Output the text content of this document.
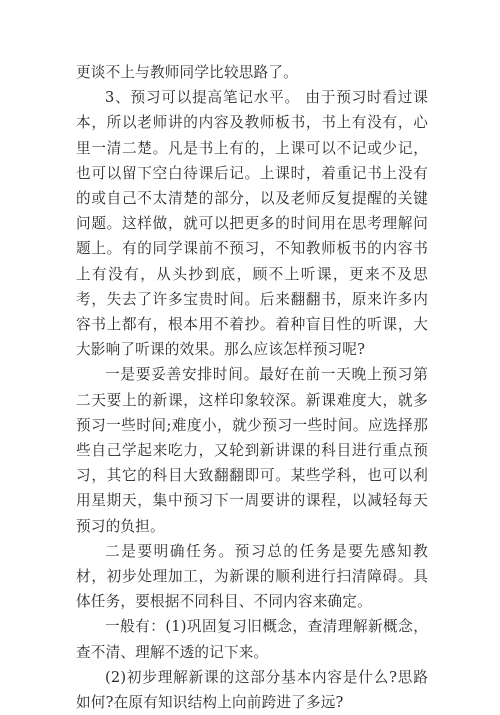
更谈不上与教师同学比较思路了。

3、预习可以提高笔记水平。 由于预习时看过课本，所以老师讲的内容及教师板书，书上有没有，心里一清二楚。凡是书上有的，上课可以不记或少记，也可以留下空白待课后记。上课时，着重记书上没有的或自己不太清楚的部分，以及老师反复提醒的关键问题。这样做，就可以把更多的时间用在思考理解问题上。有的同学课前不预习，不知教师板书的内容书上有没有，从头抄到底，顾不上听课，更来不及思考，失去了许多宝贵时间。后来翻翻书，原来许多内容书上都有，根本用不着抄。着种盲目性的听课，大大影响了听课的效果。那么应该怎样预习呢?

一是要妥善安排时间。最好在前一天晚上预习第二天要上的新课，这样印象较深。新课难度大，就多预习一些时间;难度小，就少预习一些时间。应选择那些自己学起来吃力，又轮到新讲课的科目进行重点预习，其它的科目大致翻翻即可。某些学科，也可以利用星期天，集中预习下一周要讲的课程，以减轻每天预习的负担。

二是要明确任务。预习总的任务是要先感知教材，初步处理加工，为新课的顺利进行扫清障碍。具体任务，要根据不同科目、不同内容来确定。

一般有：(1)巩固复习旧概念，查清理解新概念，查不清、理解不透的记下来。

(2)初步理解新课的这部分基本内容是什么?思路如何?在原有知识结构上向前跨进了多远?
